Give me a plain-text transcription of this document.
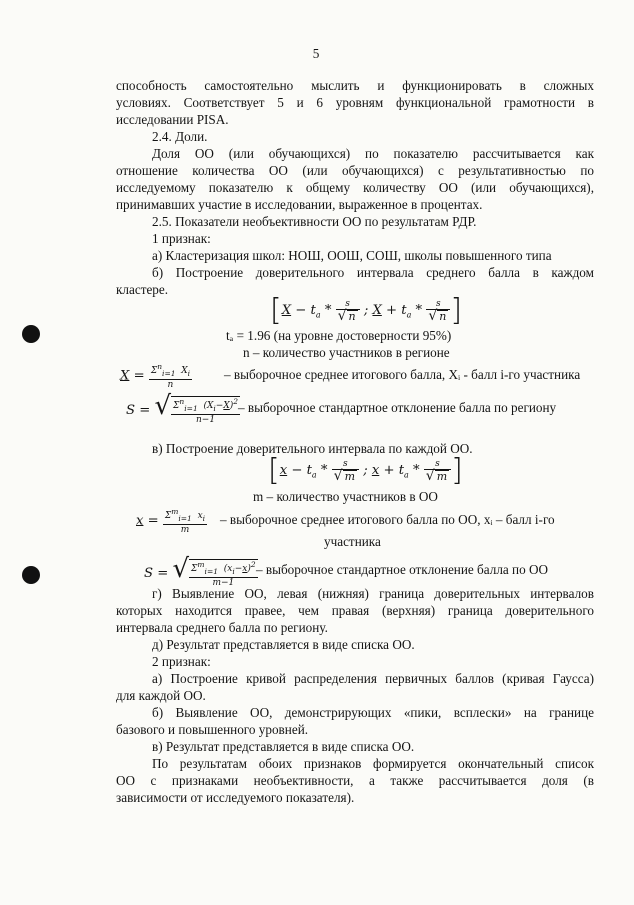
5
способность самостоятельно мыслить и функционировать в сложных
условиях. Соответствует 5 и 6 уровням функциональной грамотности в
исследовании PISA.
2.4. Доли.
Доля ОО (или обучающихся) по показателю рассчитывается как
отношение количества ОО (или обучающихся) с результативностью по
исследуемому показателю к общему количеству ОО (или обучающихся),
принимавших участие в исследовании, выраженное в процентах.
2.5. Показатели необъективности ОО по результатам РДР.
1 признак:
а) Кластеризация школ: НОШ, ООШ, СОШ, школы повышенного типа
б) Построение доверительного интервала среднего балла в каждом
кластере.
[$X - t_a * \frac{s}{√ n}$ ; $X + t_a * \frac{s}{√ n}$ ]
tₐ = 1.96 (на уровне достоверности 95%)
n – количество участников в регионе
$X = \frac{\Sigma^n_{i=1} X_i}{n}$ – выборочное среднее итогового балла, Xᵢ - балл i-го участника
S = √ $\frac{\Sigma^n_{i=1} (X_i-X)^2}{n-1}$
– выборочное стандартное отклонение балла по региону
в) Построение доверительного интервала по каждой ОО.
[$x - t_a * \frac{s}{√ m}$ ; $x + t_a * \frac{s}{√ m}$ ]
m – количество участников в ОО
$x = \frac{\Sigma^m_{i=1} x_i}{m}$ – выборочное среднее итогового балла по ОО, xᵢ – балл i-го
участника
S = √ $\frac{\Sigma^m_{i=1} (x_i-x)^2}{m-1}$
– выборочное стандартное отклонение балла по ОО
г) Выявление ОО, левая (нижняя) граница доверительных интервалов
которых находится правее, чем правая (верхняя) граница доверительного
интервала среднего балла по региону.
д) Результат представляется в виде списка ОО.
2 признак:
а) Построение кривой распределения первичных баллов (кривая Гаусса)
для каждой ОО.
б) Выявление ОО, демонстрирующих «пики, всплески» на границе
базового и повышенного уровней.
в) Результат представляется в виде списка ОО.
По результатам обоих признаков формируется окончательный список
ОО с признаками необъективности, а также рассчитывается доля (в
зависимости от исследуемого показателя).
